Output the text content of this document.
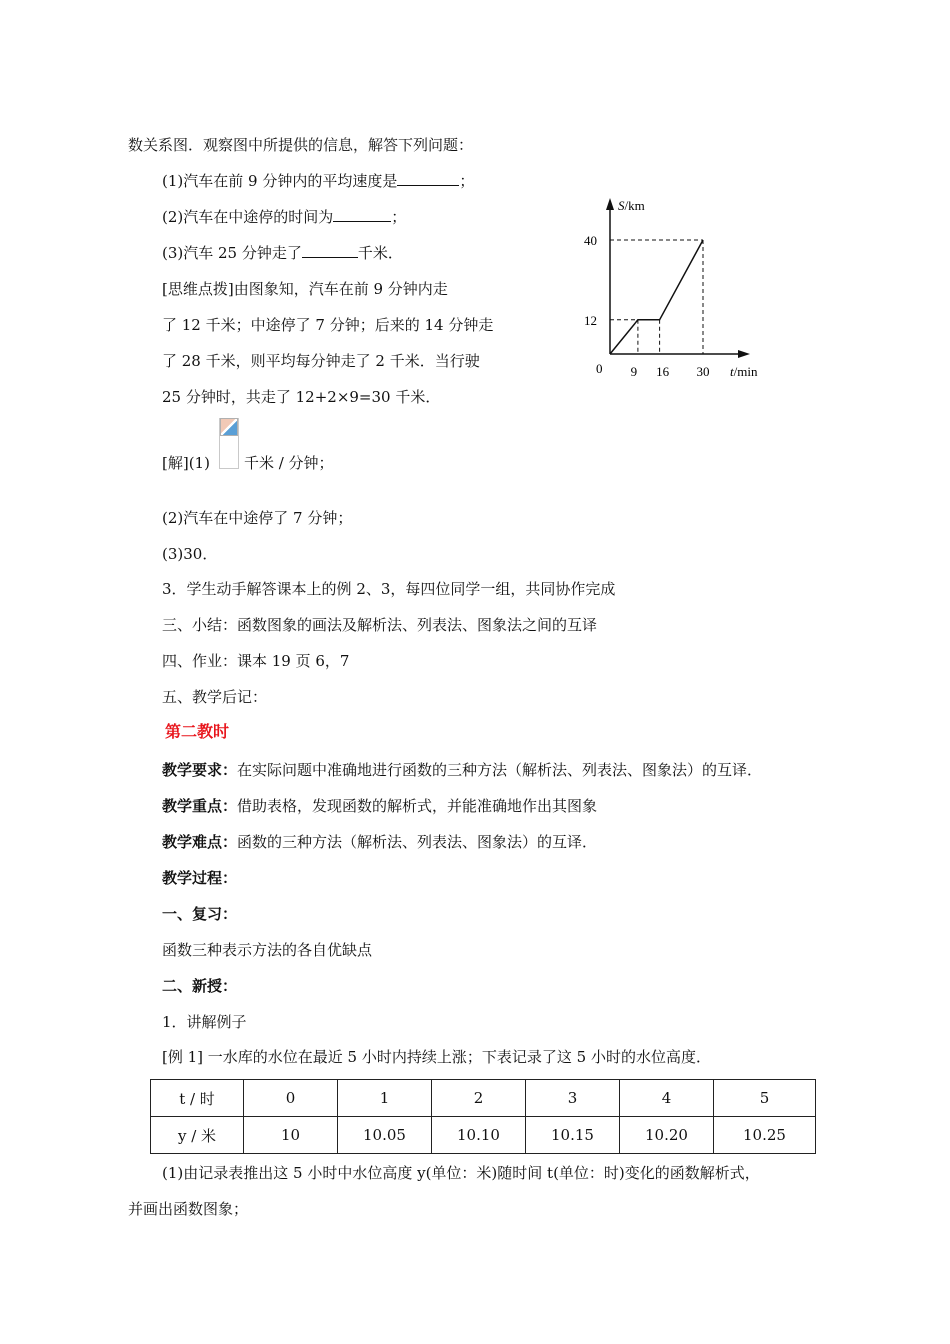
数关系图．观察图中所提供的信息，解答下列问题：
(1)汽车在前 9 分钟内的平均速度是	；
(2)汽车在中途停的时间为	；
(3)汽车 25 分钟走了	千米．
[思维点拨]由图象知，汽车在前 9 分钟内走
了 12 千米；中途停了 7 分钟；后来的 14 分钟走
了 28 千米，则平均每分钟走了 2 千米．当行驶
25 分钟时，共走了 12+2×9=30 千米．
[解](1) 千米 / 分钟；
(2)汽车在中途停了 7 分钟；
(3)30．
S/km
t/min
0
40
12
9 16 30
3．学生动手解答课本上的例 2、3，每四位同学一组，共同协作完成
三、小结：函数图象的画法及解析法、列表法、图象法之间的互译
四、作业：课本 19 页 6，7
五、教学后记：
第二教时
教学要求：在实际问题中准确地进行函数的三种方法（解析法、列表法、图象法）的互译．
教学重点：借助表格，发现函数的解析式，并能准确地作出其图象
教学难点：函数的三种方法（解析法、列表法、图象法）的互译．
教学过程：
一、复习：
函数三种表示方法的各自优缺点
二、新授：
1．讲解例子
[例 1] 一水库的水位在最近 5 小时内持续上涨；下表记录了这 5 小时的水位高度．
t / 时	0	1	2	3	4	5
y / 米	10	10.05	10.10	10.15	10.20	10.25
(1)由记录表推出这 5 小时中水位高度 y(单位：米)随时间 t(单位：时)变化的函数解析式，
并画出函数图象；
